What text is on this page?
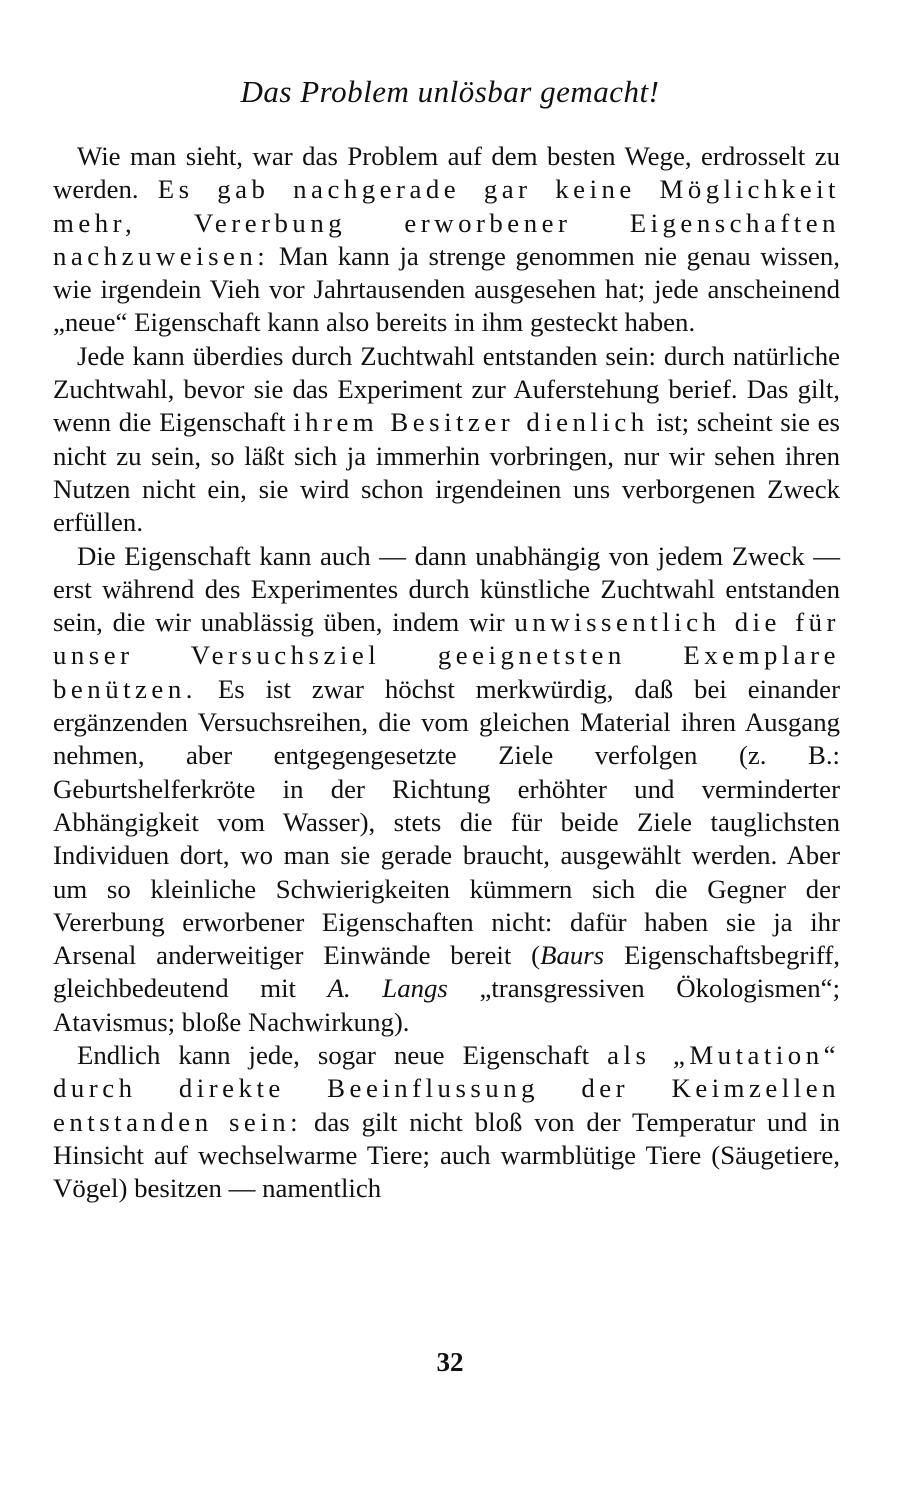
Das Problem unlösbar gemacht!

Wie man sieht, war das Problem auf dem besten Wege, erdrosselt zu werden. Es gab nachgerade gar keine Möglichkeit mehr, Vererbung erworbener Eigenschaften nachzuweisen: Man kann ja strenge genommen nie genau wissen, wie irgendein Vieh vor Jahrtausenden ausgesehen hat; jede anscheinend „neue“ Eigenschaft kann also bereits in ihm gesteckt haben.

Jede kann überdies durch Zuchtwahl entstanden sein: durch natürliche Zuchtwahl, bevor sie das Experiment zur Auferstehung berief. Das gilt, wenn die Eigenschaft ihrem Besitzer dienlich ist; scheint sie es nicht zu sein, so läßt sich ja immerhin vorbringen, nur wir sehen ihren Nutzen nicht ein, sie wird schon irgendeinen uns verborgenen Zweck erfüllen.

Die Eigenschaft kann auch — dann unabhängig von jedem Zweck — erst während des Experimentes durch künstliche Zuchtwahl entstanden sein, die wir unablässig üben, indem wir unwissentlich die für unser Versuchsziel geeignetsten Exemplare benützen. Es ist zwar höchst merkwürdig, daß bei einander ergänzenden Versuchsreihen, die vom gleichen Material ihren Ausgang nehmen, aber entgegengesetzte Ziele verfolgen (z. B.: Geburtshelferkröte in der Richtung erhöhter und verminderter Abhängigkeit vom Wasser), stets die für beide Ziele tauglichsten Individuen dort, wo man sie gerade braucht, ausgewählt werden. Aber um so kleinliche Schwierigkeiten kümmern sich die Gegner der Vererbung erworbener Eigenschaften nicht: dafür haben sie ja ihr Arsenal anderweitiger Einwände bereit (Baurs Eigenschaftsbegriff, gleichbedeutend mit A. Langs „transgressiven Ökologismen“; Atavismus; bloße Nachwirkung).

Endlich kann jede, sogar neue Eigenschaft als „Mutation“ durch direkte Beeinflussung der Keimzellen entstanden sein: das gilt nicht bloß von der Temperatur und in Hinsicht auf wechselwarme Tiere; auch warmblütige Tiere (Säugetiere, Vögel) besitzen — namentlich

32
